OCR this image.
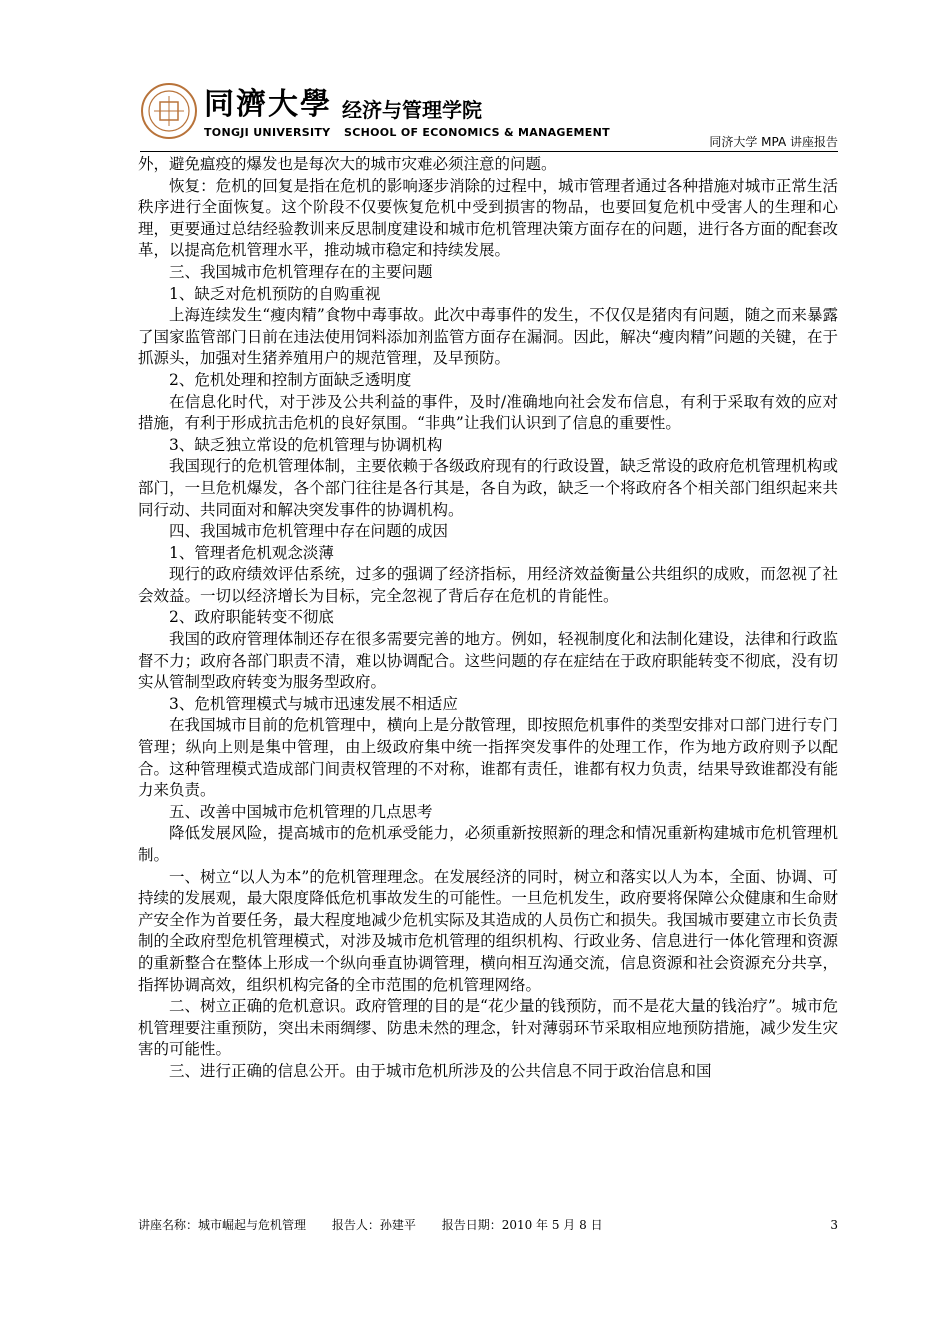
同濟大學 经济与管理学院
TONGJI UNIVERSITY SCHOOL OF ECONOMICS & MANAGEMENT
同济大学 MPA 讲座报告

外，避免瘟疫的爆发也是每次大的城市灾难必须注意的问题。

恢复：危机的回复是指在危机的影响逐步消除的过程中，城市管理者通过各种措施对城市正常生活秩序进行全面恢复。这个阶段不仅要恢复危机中受到损害的物品，也要回复危机中受害人的生理和心理，更要通过总结经验教训来反思制度建设和城市危机管理决策方面存在的问题，进行各方面的配套改革，以提高危机管理水平，推动城市稳定和持续发展。

三、我国城市危机管理存在的主要问题

1、缺乏对危机预防的自购重视

上海连续发生“瘦肉精”食物中毒事故。此次中毒事件的发生，不仅仅是猪肉有问题，随之而来暴露了国家监管部门日前在违法使用饲料添加剂监管方面存在漏洞。因此，解决“瘦肉精”问题的关键，在于抓源头，加强对生猪养殖用户的规范管理，及早预防。

2、危机处理和控制方面缺乏透明度

在信息化时代，对于涉及公共利益的事件，及时/准确地向社会发布信息，有利于采取有效的应对措施，有利于形成抗击危机的良好氛围。“非典”让我们认识到了信息的重要性。

3、缺乏独立常设的危机管理与协调机构

我国现行的危机管理体制，主要依赖于各级政府现有的行政设置，缺乏常设的政府危机管理机构或部门，一旦危机爆发，各个部门往往是各行其是，各自为政，缺乏一个将政府各个相关部门组织起来共同行动、共同面对和解决突发事件的协调机构。

四、我国城市危机管理中存在问题的成因

1、管理者危机观念淡薄

现行的政府绩效评估系统，过多的强调了经济指标，用经济效益衡量公共组织的成败，而忽视了社会效益。一切以经济增长为目标，完全忽视了背后存在危机的肯能性。

2、政府职能转变不彻底

我国的政府管理体制还存在很多需要完善的地方。例如，轻视制度化和法制化建设，法律和行政监督不力；政府各部门职责不清，难以协调配合。这些问题的存在症结在于政府职能转变不彻底，没有切实从管制型政府转变为服务型政府。

3、危机管理模式与城市迅速发展不相适应

在我国城市目前的危机管理中，横向上是分散管理，即按照危机事件的类型安排对口部门进行专门管理；纵向上则是集中管理，由上级政府集中统一指挥突发事件的处理工作，作为地方政府则予以配合。这种管理模式造成部门间责权管理的不对称，谁都有责任，谁都有权力负责，结果导致谁都没有能力来负责。

五、改善中国城市危机管理的几点思考

降低发展风险，提高城市的危机承受能力，必须重新按照新的理念和情况重新构建城市危机管理机制。

一、树立“以人为本”的危机管理理念。在发展经济的同时，树立和落实以人为本，全面、协调、可持续的发展观，最大限度降低危机事故发生的可能性。一旦危机发生，政府要将保障公众健康和生命财产安全作为首要任务，最大程度地减少危机实际及其造成的人员伤亡和损失。我国城市要建立市长负责制的全政府型危机管理模式，对涉及城市危机管理的组织机构、行政业务、信息进行一体化管理和资源的重新整合在整体上形成一个纵向垂直协调管理，横向相互沟通交流，信息资源和社会资源充分共享，指挥协调高效，组织机构完备的全市范围的危机管理网络。

二、树立正确的危机意识。政府管理的目的是“花少量的钱预防，而不是花大量的钱治疗”。城市危机管理要注重预防，突出未雨绸缪、防患未然的理念，针对薄弱环节采取相应地预防措施，减少发生灾害的可能性。

三、进行正确的信息公开。由于城市危机所涉及的公共信息不同于政治信息和国

讲座名称：城市崛起与危机管理 报告人：孙建平 报告日期：2010 年 5 月 8 日	3
